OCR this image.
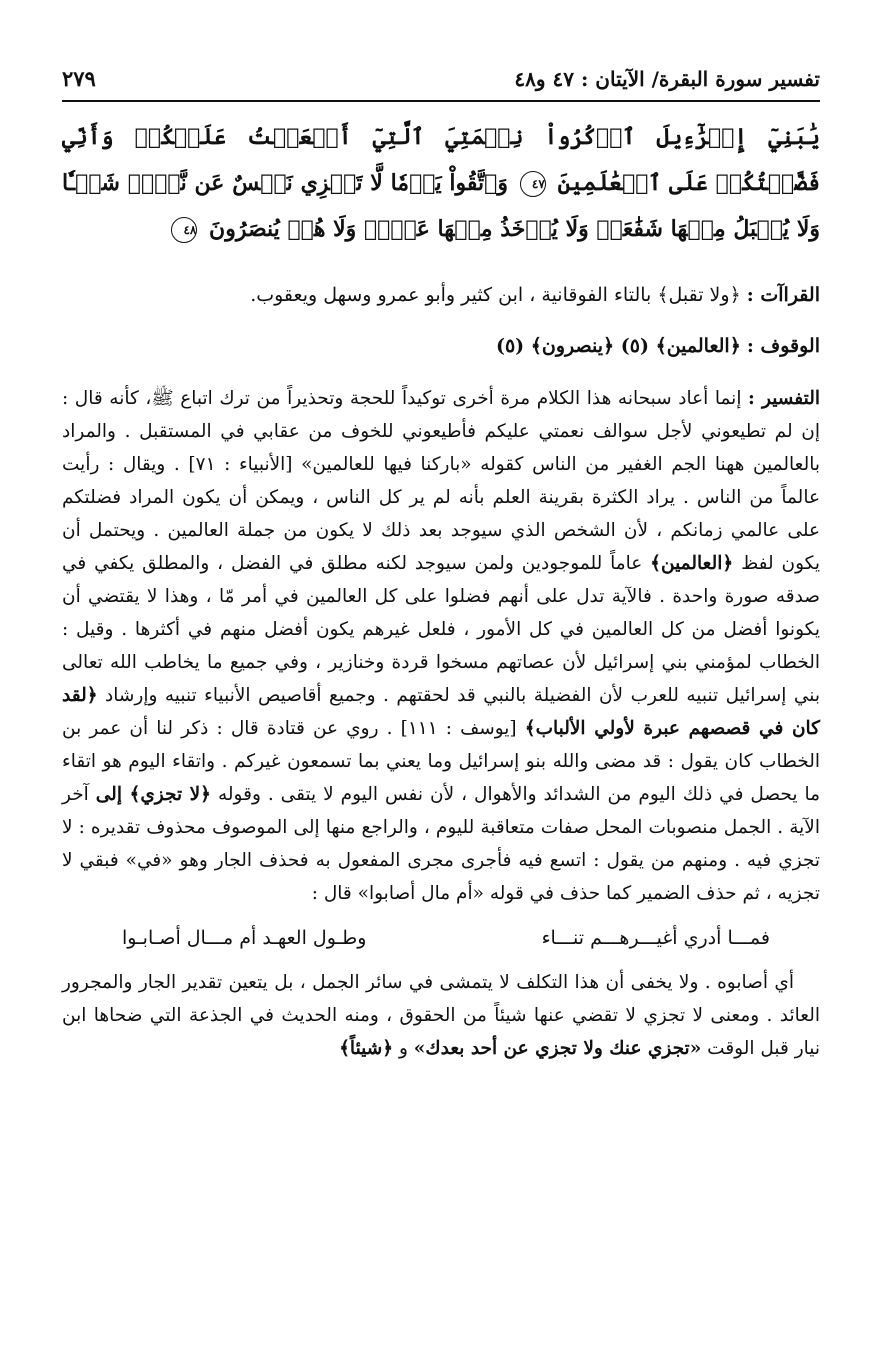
تفسير سورة البقرة/ الآيتان : ٤٧ و٤٨
٢٧٩
يَٰبَنِيٓ إِسۡرَٰٓءِيلَ ٱذۡكُرُواْ نِعۡمَتِيَ ٱلَّتِيٓ أَنۡعَمۡتُ عَلَيۡكُمۡ وَأَنِّي فَضَّلۡتُكُمۡ عَلَى ٱلۡعَٰلَمِينَ ٤٧ وَٱتَّقُواْ يَوۡمٗا لَّا تَجۡزِي نَفۡسٌ عَن نَّفۡسٖ شَيۡـٔٗا وَلَا يُقۡبَلُ مِنۡهَا شَفَٰعَةٞ وَلَا يُؤۡخَذُ مِنۡهَا عَدۡلٞ وَلَا هُمۡ يُنصَرُونَ ٤٨
القراآت : ﴿ولا تقبل﴾ بالتاء الفوقانية ، ابن كثير وأبو عمرو وسهل ويعقوب.
الوقوف : ﴿العالمين﴾ (٥) ﴿ينصرون﴾ (٥)
التفسير : إنما أعاد سبحانه هذا الكلام مرة أخرى توكيداً للحجة وتحذيراً من ترك اتباع ﷺ، كأنه قال : إن لم تطيعوني لأجل سوالف نعمتي عليكم فأطيعوني للخوف من عقابي في المستقبل . والمراد بالعالمين ههنا الجم الغفير من الناس كقوله «باركنا فيها للعالمين» [الأنبياء : ٧١] . ويقال : رأيت عالماً من الناس . يراد الكثرة بقرينة العلم بأنه لم ير كل الناس ، ويمكن أن يكون المراد فضلتكم على عالمي زمانكم ، لأن الشخص الذي سيوجد بعد ذلك لا يكون من جملة العالمين . ويحتمل أن يكون لفظ ﴿العالمين﴾ عاماً للموجودين ولمن سيوجد لكنه مطلق في الفضل ، والمطلق يكفي في صدقه صورة واحدة . فالآية تدل على أنهم فضلوا على كل العالمين في أمر مّا ، وهذا لا يقتضي أن يكونوا أفضل من كل العالمين في كل الأمور ، فلعل غيرهم يكون أفضل منهم في أكثرها . وقيل : الخطاب لمؤمني بني إسرائيل لأن عصاتهم مسخوا قردة وخنازير ، وفي جميع ما يخاطب الله تعالى بني إسرائيل تنبيه للعرب لأن الفضيلة بالنبي قد لحقتهم . وجميع أقاصيص الأنبياء تنبيه وإرشاد ﴿لقد كان في قصصهم عبرة لأولي الألباب﴾ [يوسف : ١١١] . روي عن قتادة قال : ذكر لنا أن عمر بن الخطاب كان يقول : قد مضى والله بنو إسرائيل وما يعني بما تسمعون غيركم . واتقاء اليوم هو اتقاء ما يحصل في ذلك اليوم من الشدائد والأهوال ، لأن نفس اليوم لا يتقى . وقوله ﴿لا تجزي﴾ إلى آخر الآية . الجمل منصوبات المحل صفات متعاقبة لليوم ، والراجع منها إلى الموصوف محذوف تقديره : لا تجزي فيه . ومنهم من يقول : اتسع فيه فأجرى مجرى المفعول به فحذف الجار وهو «في» فبقي لا تجزيه ، ثم حذف الضمير كما حذف في قوله «أم مال أصابوا» قال :
فمـــا أدري أغيـــرهـــم تنـــاء
وطـول العهـد أم مـــال أصـابـوا
أي أصابوه . ولا يخفى أن هذا التكلف لا يتمشى في سائر الجمل ، بل يتعين تقدير الجار والمجرور العائد . ومعنى لا تجزي لا تقضي عنها شيئاً من الحقوق ، ومنه الحديث في الجذعة التي ضحاها ابن نيار قبل الوقت «تجزي عنك ولا تجزي عن أحد بعدك» و ﴿شيئاً﴾
